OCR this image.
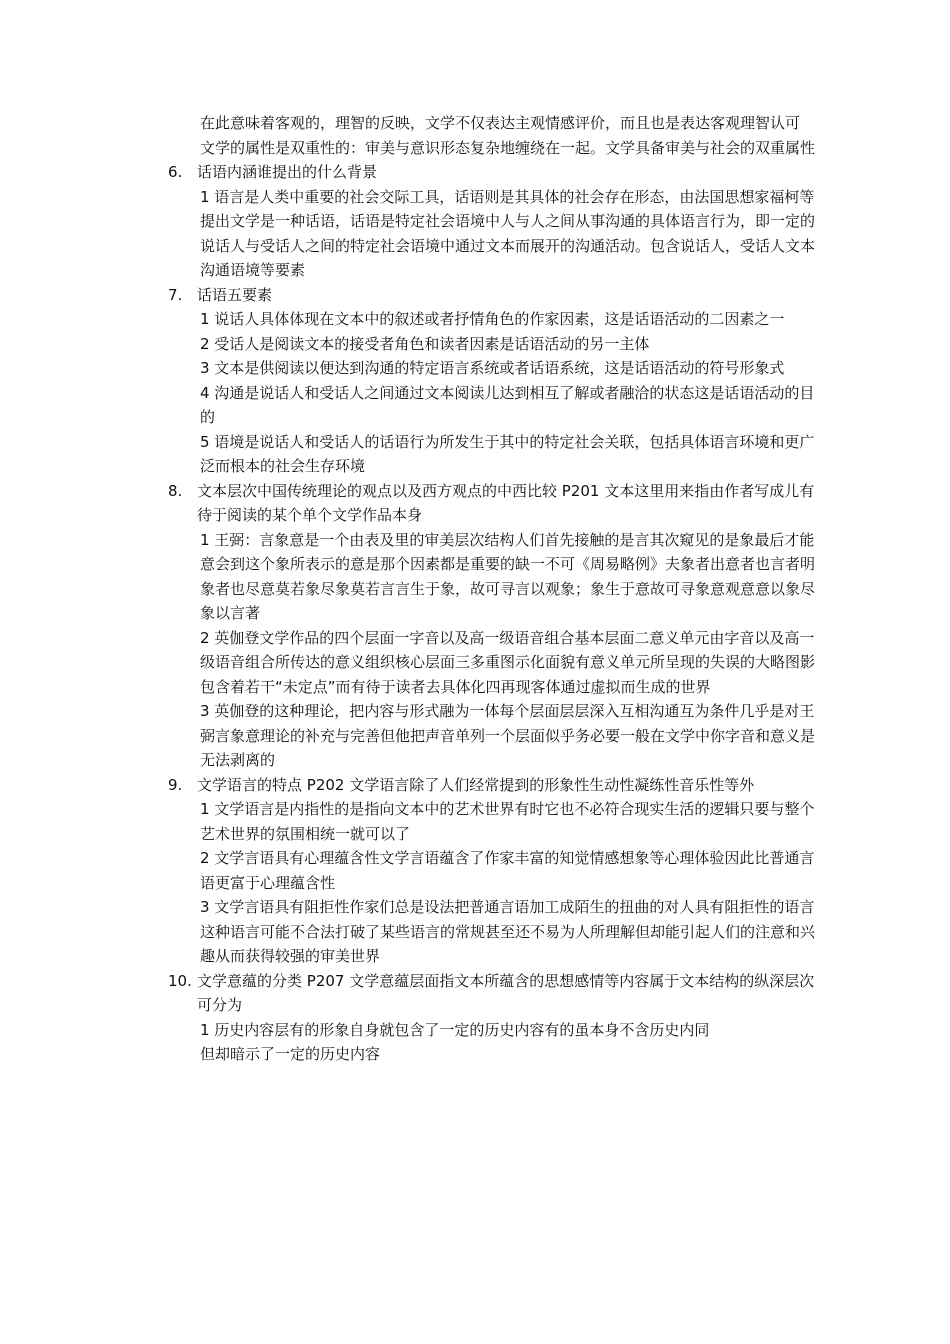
在此意味着客观的，理智的反映，文学不仅表达主观情感评价，而且也是表达客观理智认可
文学的属性是双重性的：审美与意识形态复杂地缠绕在一起。文学具备审美与社会的双重属性
6. 话语内涵谁提出的什么背景
1 语言是人类中重要的社会交际工具，话语则是其具体的社会存在形态，由法国思想家福柯等提出文学是一种话语，话语是特定社会语境中人与人之间从事沟通的具体语言行为，即一定的说话人与受话人之间的特定社会语境中通过文本而展开的沟通活动。包含说话人，受话人文本沟通语境等要素
7. 话语五要素
1 说话人具体体现在文本中的叙述或者抒情角色的作家因素，这是话语活动的二因素之一
2 受话人是阅读文本的接受者角色和读者因素是话语活动的另一主体
3 文本是供阅读以便达到沟通的特定语言系统或者话语系统，这是话语活动的符号形象式
4 沟通是说话人和受话人之间通过文本阅读儿达到相互了解或者融洽的状态这是话语活动的目的
5 语境是说话人和受话人的话语行为所发生于其中的特定社会关联，包括具体语言环境和更广泛而根本的社会生存环境
8. 文本层次中国传统理论的观点以及西方观点的中西比较 P201 文本这里用来指由作者写成儿有待于阅读的某个单个文学作品本身
1 王弼：言象意是一个由表及里的审美层次结构人们首先接触的是言其次窥见的是象最后才能意会到这个象所表示的意是那个因素都是重要的缺一不可《周易略例》夫象者出意者也言者明象者也尽意莫若象尽象莫若言言生于象，故可寻言以观象；象生于意故可寻象意观意意以象尽象以言著
2 英伽登文学作品的四个层面一字音以及高一级语音组合基本层面二意义单元由字音以及高一级语音组合所传达的意义组织核心层面三多重图示化面貌有意义单元所呈现的失误的大略图影包含着若干“未定点”而有待于读者去具体化四再现客体通过虚拟而生成的世界
3 英伽登的这种理论，把内容与形式融为一体每个层面层层深入互相沟通互为条件几乎是对王弼言象意理论的补充与完善但他把声音单列一个层面似乎务必要一般在文学中你字音和意义是无法剥离的
9. 文学语言的特点 P202 文学语言除了人们经常提到的形象性生动性凝练性音乐性等外
1 文学语言是内指性的是指向文本中的艺术世界有时它也不必符合现实生活的逻辑只要与整个艺术世界的氛围相统一就可以了
2 文学言语具有心理蕴含性文学言语蕴含了作家丰富的知觉情感想象等心理体验因此比普通言语更富于心理蕴含性
3 文学言语具有阻拒性作家们总是设法把普通言语加工成陌生的扭曲的对人具有阻拒性的语言这种语言可能不合法打破了某些语言的常规甚至还不易为人所理解但却能引起人们的注意和兴趣从而获得较强的审美世界
10. 文学意蕴的分类 P207 文学意蕴层面指文本所蕴含的思想感情等内容属于文本结构的纵深层次可分为
1 历史内容层有的形象自身就包含了一定的历史内容有的虽本身不含历史内同
但却暗示了一定的历史内容
